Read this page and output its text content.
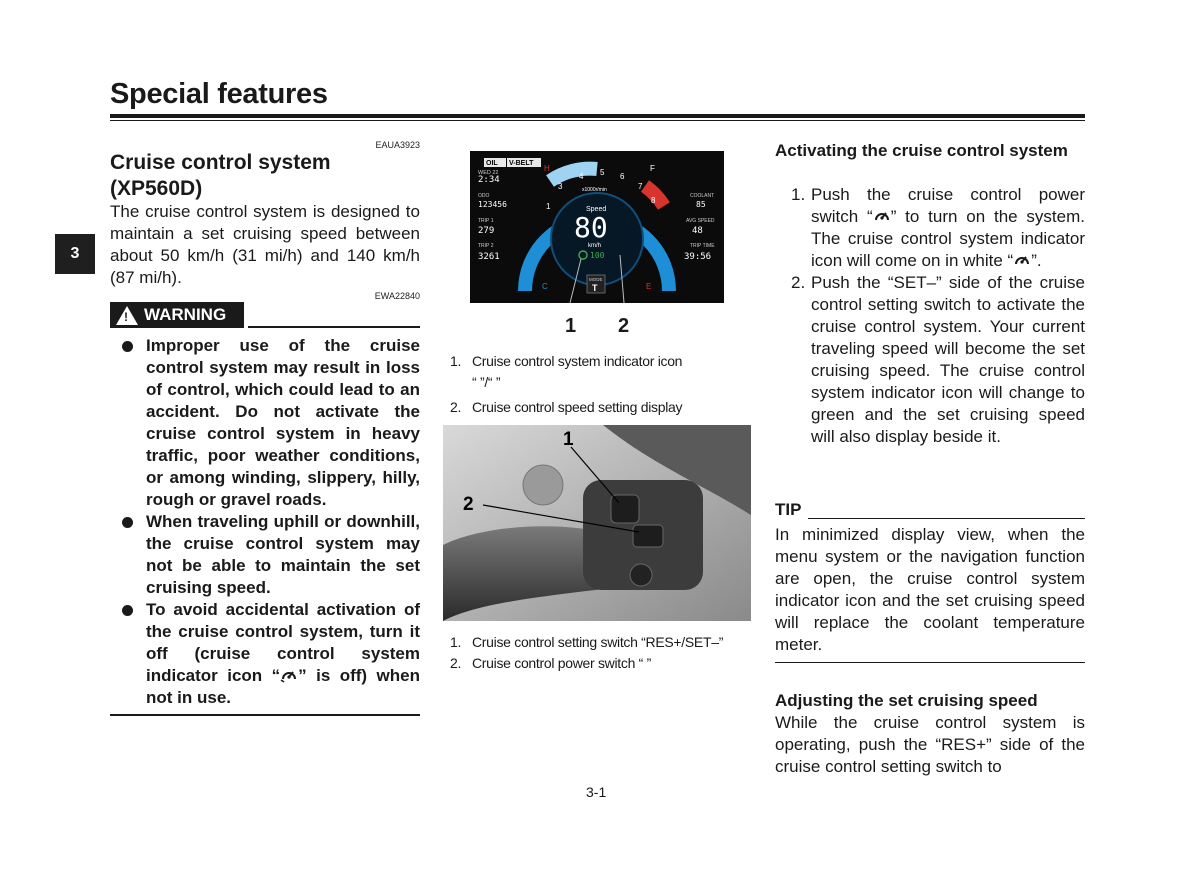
Special features
3
EAUA3923
Cruise control system
(XP560D)

The cruise control system is designed to maintain a set cruising speed between about 50 km/h (31 mi/h) and 140 km/h (87 mi/h).

EWA22840
! WARNING
Improper use of the cruise control system may result in loss of control, which could lead to an accident. Do not activate the cruise control system in heavy traffic, poor weather conditions, or among winding, slippery, hilly, rough or gravel roads.
When traveling uphill or downhill, the cruise control system may not be able to maintain the set cruising speed.
To avoid accidental activation of the cruise control system, turn it off (cruise control system indicator icon “ ” is off) when not in use.
1
3
4 5 6
7
8
H
C
F
E
OIL V-BELT
WED 22
2:34
ODO
123456
TRIP 1
279
TRIP 2
3261
COOLANT
85
AVG SPEED
48
TRIP TIME
39:56
x1000r/min
Speed
80
km/h
100
MODE
T
1 2
1. Cruise control system indicator icon
“ ”/“ ”
2. Cruise control speed setting display
1
2
1. Cruise control setting switch “RES+/SET–”
2. Cruise control power switch “ ”
3-1
Activating the cruise control system
1. Push the cruise control power switch “ ” to turn on the system. The cruise control system indicator icon will come on in white “ ”.
2. Push the “SET–” side of the cruise control setting switch to activate the cruise control system. Your current traveling speed will become the set cruising speed. The cruise control system indicator icon will change to green and the set cruising speed will also display beside it.
TIP

In minimized display view, when the menu system or the navigation function are open, the cruise control system indicator icon and the set cruising speed will replace the coolant temperature meter.

Adjusting the set cruising speed

While the cruise control system is operating, push the “RES+” side of the cruise control setting switch to
